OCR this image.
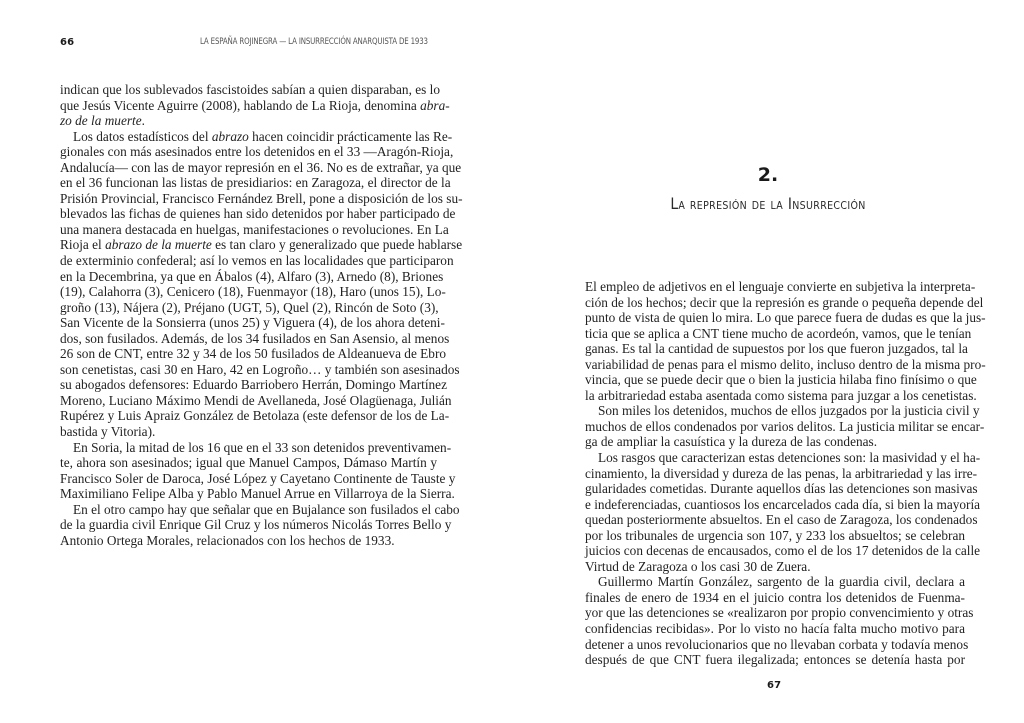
66	LA ESPAÑA ROJINEGRA — LA INSURRECCIÓN ANARQUISTA DE 1933
indican que los sublevados fascistoides sabían a quien disparaban, es lo
que Jesús Vicente Aguirre (2008), hablando de La Rioja, denomina abra-
zo de la muerte.
Los datos estadísticos del abrazo hacen coincidir prácticamente las Re-
gionales con más asesinados entre los detenidos en el 33 —Aragón-Rioja,
Andalucía— con las de mayor represión en el 36. No es de extrañar, ya que
en el 36 funcionan las listas de presidiarios: en Zaragoza, el director de la
Prisión Provincial, Francisco Fernández Brell, pone a disposición de los su-
blevados las fichas de quienes han sido detenidos por haber participado de
una manera destacada en huelgas, manifestaciones o revoluciones. En La
Rioja el abrazo de la muerte es tan claro y generalizado que puede hablarse
de exterminio confederal; así lo vemos en las localidades que participaron
en la Decembrina, ya que en Ábalos (4), Alfaro (3), Arnedo (8), Briones
(19), Calahorra (3), Cenicero (18), Fuenmayor (18), Haro (unos 15), Lo-
groño (13), Nájera (2), Préjano (UGT, 5), Quel (2), Rincón de Soto (3),
San Vicente de la Sonsierra (unos 25) y Viguera (4), de los ahora deteni-
dos, son fusilados. Además, de los 34 fusilados en San Asensio, al menos
26 son de CNT, entre 32 y 34 de los 50 fusilados de Aldeanueva de Ebro
son cenetistas, casi 30 en Haro, 42 en Logroño… y también son asesinados
su abogados defensores: Eduardo Barriobero Herrán, Domingo Martínez
Moreno, Luciano Máximo Mendi de Avellaneda, José Olagüenaga, Julián
Rupérez y Luis Apraiz González de Betolaza (este defensor de los de La-
bastida y Vitoria).
En Soria, la mitad de los 16 que en el 33 son detenidos preventivamen-
te, ahora son asesinados; igual que Manuel Campos, Dámaso Martín y
Francisco Soler de Daroca, José López y Cayetano Continente de Tauste y
Maximiliano Felipe Alba y Pablo Manuel Arrue en Villarroya de la Sierra.
En el otro campo hay que señalar que en Bujalance son fusilados el cabo
de la guardia civil Enrique Gil Cruz y los números Nicolás Torres Bello y
Antonio Ortega Morales, relacionados con los hechos de 1933.
2.
La represión de la Insurrección
El empleo de adjetivos en el lenguaje convierte en subjetiva la interpreta-
ción de los hechos; decir que la represión es grande o pequeña depende del
punto de vista de quien lo mira. Lo que parece fuera de dudas es que la jus-
ticia que se aplica a CNT tiene mucho de acordeón, vamos, que le tenían
ganas. Es tal la cantidad de supuestos por los que fueron juzgados, tal la
variabilidad de penas para el mismo delito, incluso dentro de la misma pro-
vincia, que se puede decir que o bien la justicia hilaba fino finísimo o que
la arbitrariedad estaba asentada como sistema para juzgar a los cenetistas.
Son miles los detenidos, muchos de ellos juzgados por la justicia civil y
muchos de ellos condenados por varios delitos. La justicia militar se encar-
ga de ampliar la casuística y la dureza de las condenas.
Los rasgos que caracterizan estas detenciones son: la masividad y el ha-
cinamiento, la diversidad y dureza de las penas, la arbitrariedad y las irre-
gularidades cometidas. Durante aquellos días las detenciones son masivas
e indeferenciadas, cuantiosos los encarcelados cada día, si bien la mayoría
quedan posteriormente absueltos. En el caso de Zaragoza, los condenados
por los tribunales de urgencia son 107, y 233 los absueltos; se celebran
juicios con decenas de encausados, como el de los 17 detenidos de la calle
Virtud de Zaragoza o los casi 30 de Zuera.
Guillermo Martín González, sargento de la guardia civil, declara a
finales de enero de 1934 en el juicio contra los detenidos de Fuenma-
yor que las detenciones se «realizaron por propio convencimiento y otras
confidencias recibidas». Por lo visto no hacía falta mucho motivo para
detener a unos revolucionarios que no llevaban corbata y todavía menos
después de que CNT fuera ilegalizada; entonces se detenía hasta por
67
